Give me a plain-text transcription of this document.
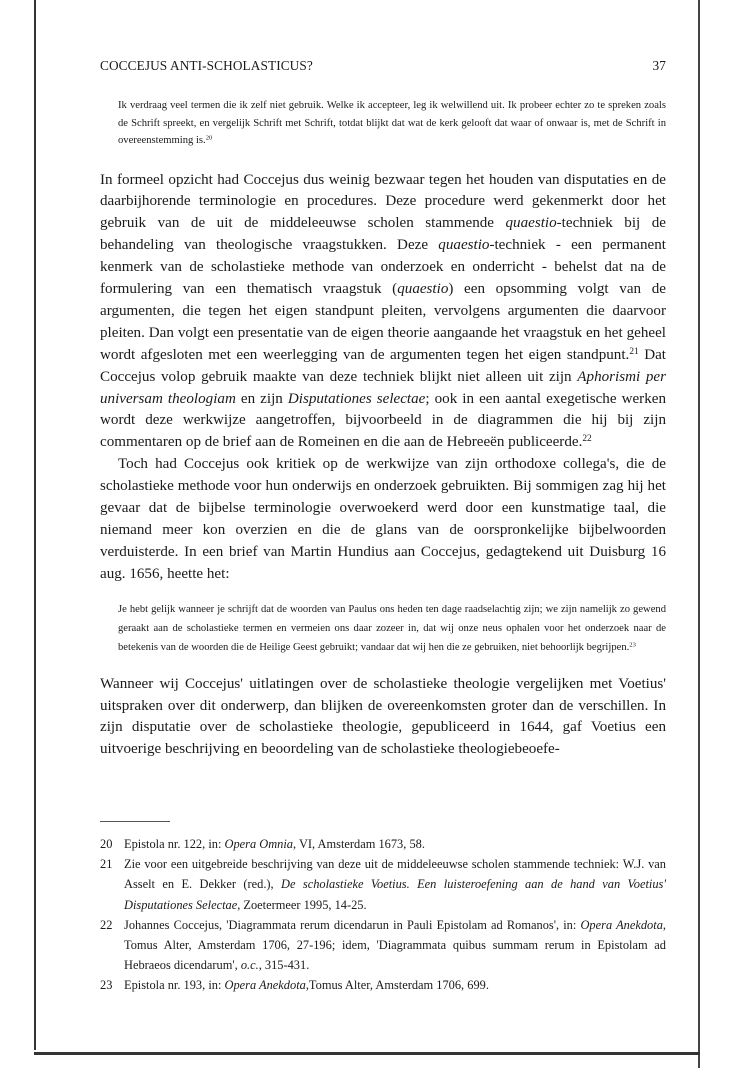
COCCEJUS ANTI-SCHOLASTICUS?	37
Ik verdraag veel termen die ik zelf niet gebruik. Welke ik accepteer, leg ik welwillend uit. Ik probeer echter zo te spreken zoals de Schrift spreekt, en vergelijk Schrift met Schrift, totdat blijkt dat wat de kerk gelooft dat waar of onwaar is, met de Schrift in overeenstemming is.$^{20}$

In formeel opzicht had Coccejus dus weinig bezwaar tegen het houden van disputaties en de daarbijhorende terminologie en procedures. Deze procedure werd gekenmerkt door het gebruik van de uit de middeleeuwse scholen stammende quaestio-techniek bij de behandeling van theologische vraagstukken. Deze quaestio-techniek - een permanent kenmerk van de scholastieke methode van onderzoek en onderricht - behelst dat na de formulering van een thematisch vraagstuk (quaestio) een opsomming volgt van de argumenten, die tegen het eigen standpunt pleiten, vervolgens argumenten die daarvoor pleiten. Dan volgt een presentatie van de eigen theorie aangaande het vraagstuk en het geheel wordt afgesloten met een weerlegging van de argumenten tegen het eigen standpunt.$^{21}$ Dat Coccejus volop gebruik maakte van deze techniek blijkt niet alleen uit zijn Aphorismi per universam theologiam en zijn Disputationes selectae; ook in een aantal exegetische werken wordt deze werkwijze aangetroffen, bijvoorbeeld in de diagrammen die hij bij zijn commentaren op de brief aan de Romeinen en die aan de Hebreeën publiceerde.$^{22}$

Toch had Coccejus ook kritiek op de werkwijze van zijn orthodoxe collega's, die de scholastieke methode voor hun onderwijs en onderzoek gebruikten. Bij sommigen zag hij het gevaar dat de bijbelse terminologie overwoekerd werd door een kunstmatige taal, die niemand meer kon overzien en die de glans van de oorspronkelijke bijbelwoorden verduisterde. In een brief van Martin Hundius aan Coccejus, gedagtekend uit Duisburg 16 aug. 1656, heette het:

Je hebt gelijk wanneer je schrijft dat de woorden van Paulus ons heden ten dage raadselachtig zijn; we zijn namelijk zo gewend geraakt aan de scholastieke termen en vermeien ons daar zozeer in, dat wij onze neus ophalen voor het onderzoek naar de betekenis van de woorden die de Heilige Geest gebruikt; vandaar dat wij hen die ze gebruiken, niet behoorlijk begrijpen.$^{23}$

Wanneer wij Coccejus' uitlatingen over de scholastieke theologie vergelijken met Voetius' uitspraken over dit onderwerp, dan blijken de overeenkomsten groter dan de verschillen. In zijn disputatie over de scholastieke theologie, gepubliceerd in 1644, gaf Voetius een uitvoerige beschrijving en beoordeling van de scholastieke theologiebeoefe-

20 Epistola nr. 122, in: Opera Omnia, VI, Amsterdam 1673, 58.
21 Zie voor een uitgebreide beschrijving van deze uit de middeleeuwse scholen stammende techniek: W.J. van Asselt en E. Dekker (red.), De scholastieke Voetius. Een luisteroefening aan de hand van Voetius' Disputationes Selectae, Zoetermeer 1995, 14-25.
22 Johannes Coccejus, 'Diagrammata rerum dicendarun in Pauli Epistolam ad Romanos', in: Opera Anekdota, Tomus Alter, Amsterdam 1706, 27-196; idem, 'Diagrammata quibus summam rerum in Epistolam ad Hebraeos dicendarum', o.c., 315-431.
23 Epistola nr. 193, in: Opera Anekdota,Tomus Alter, Amsterdam 1706, 699.
